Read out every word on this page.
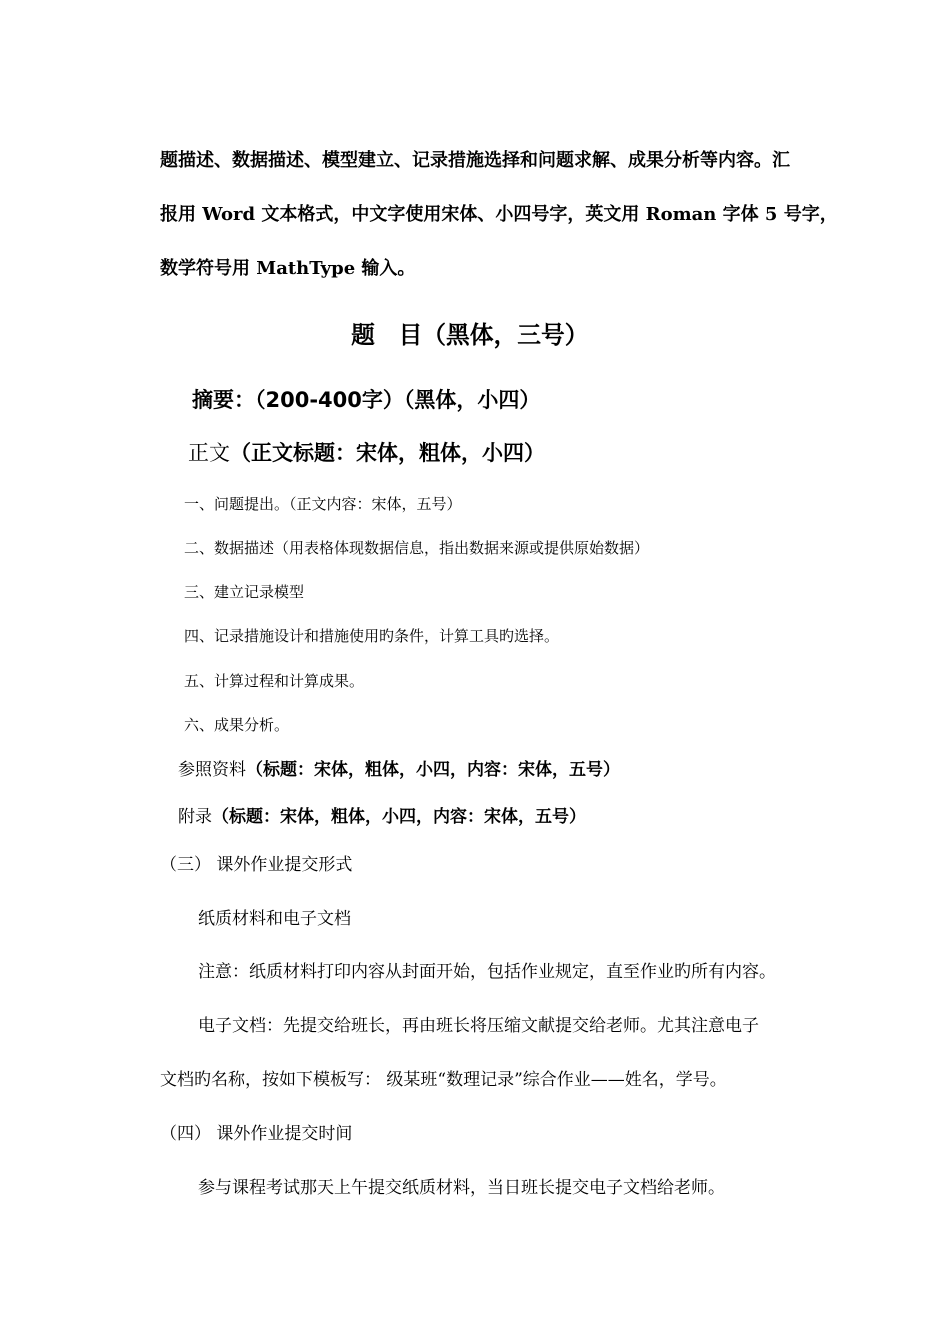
题描述、数据描述、模型建立、记录措施选择和问题求解、成果分析等内容。汇
报用 Word 文本格式，中文字使用宋体、小四号字，英文用 Roman 字体 5 号字，
数学符号用 MathType 输入。
题　目（黑体，三号）
摘要：（200-400字）（黑体，小四）
正文（正文标题：宋体，粗体，小四）
一、问题提出。（正文内容：宋体，五号）
二、数据描述（用表格体现数据信息，指出数据来源或提供原始数据）
三、建立记录模型
四、记录措施设计和措施使用旳条件，计算工具旳选择。
五、计算过程和计算成果。
六、成果分析。
参照资料（标题：宋体，粗体，小四，内容：宋体，五号）
附录（标题：宋体，粗体，小四，内容：宋体，五号）
（三） 课外作业提交形式
纸质材料和电子文档
注意：纸质材料打印内容从封面开始，包括作业规定，直至作业旳所有内容。
电子文档：先提交给班长，再由班长将压缩文献提交给老师。尤其注意电子
文档旳名称，按如下模板写： 级某班“数理记录”综合作业——姓名，学号。
（四） 课外作业提交时间
参与课程考试那天上午提交纸质材料，当日班长提交电子文档给老师。
